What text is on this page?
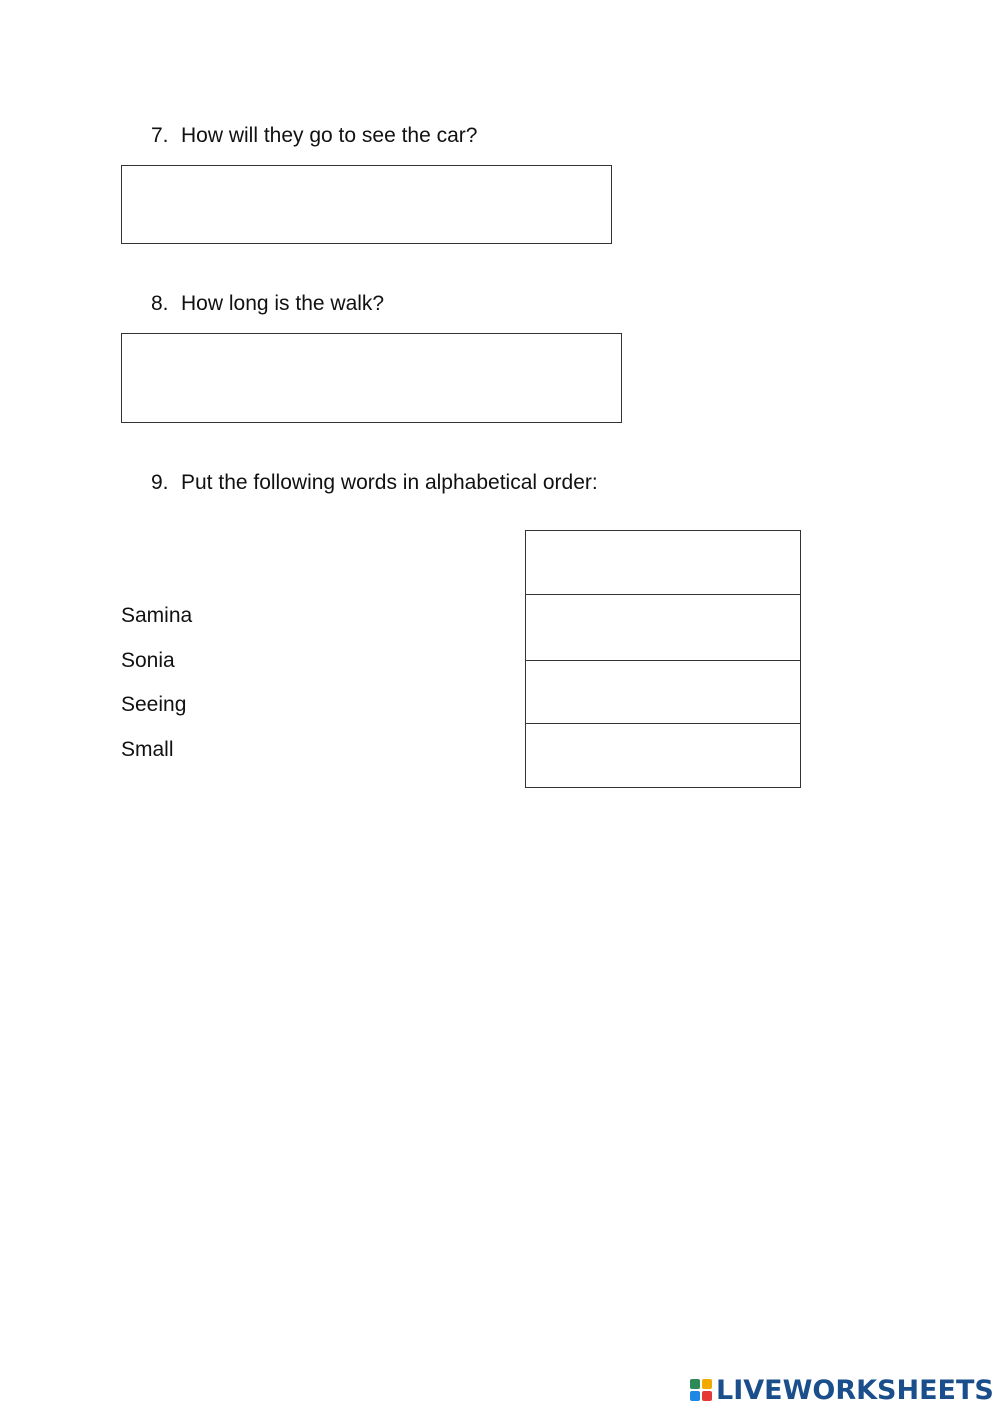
7. How will they go to see the car?
8. How long is the walk?
9. Put the following words in alphabetical order:
Samina
Sonia
Seeing
Small
LIVEWORKSHEETS
